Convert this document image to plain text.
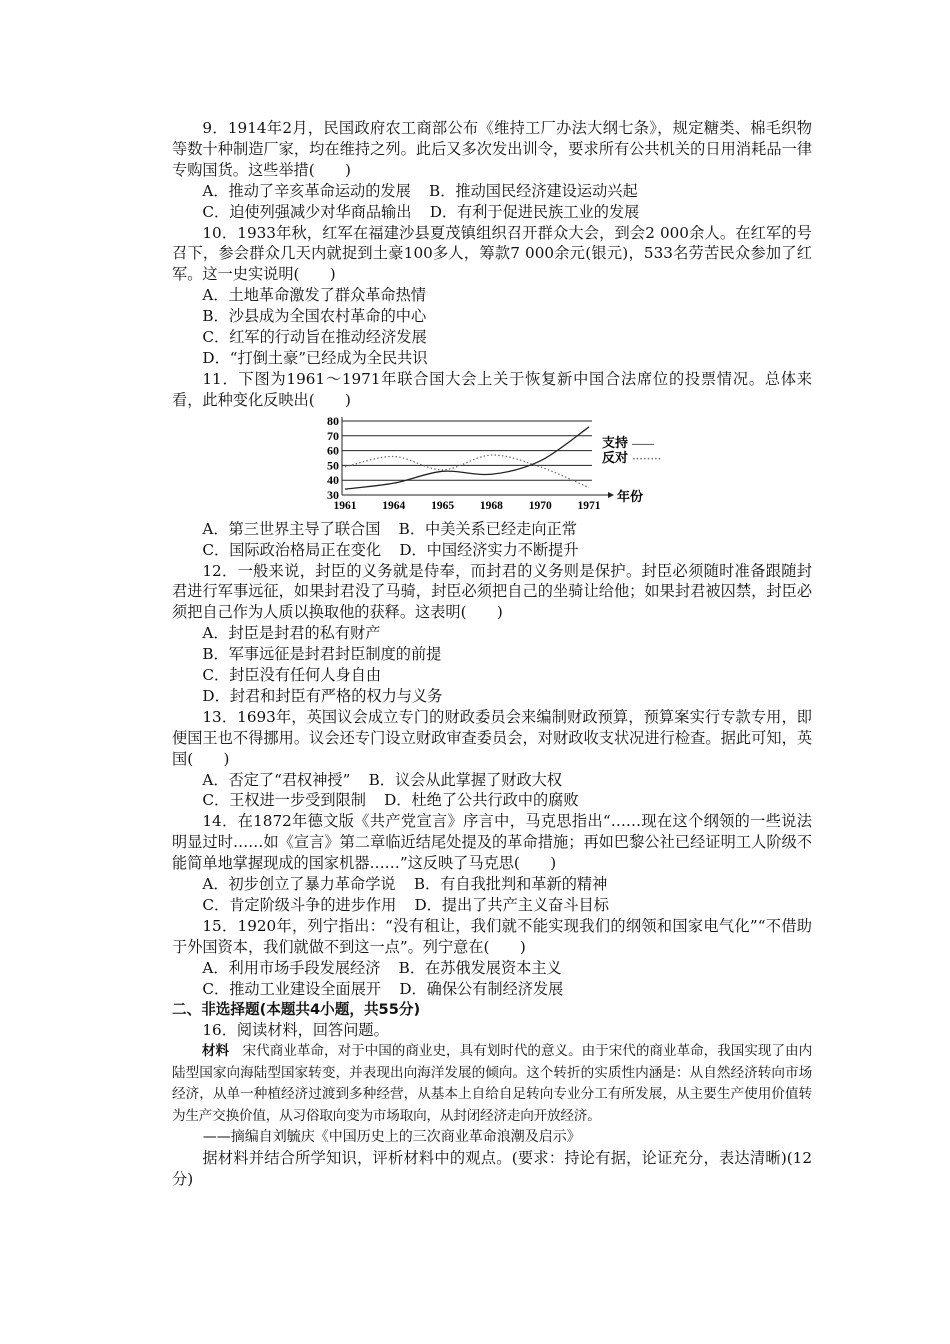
9．1914年2月，民国政府农工商部公布《维持工厂办法大纲七条》，规定糖类、棉毛织物等数十种制造厂家，均在维持之列。此后又多次发出训令，要求所有公共机关的日用消耗品一律专购国货。这些举措(　　)

A．推动了辛亥革命运动的发展 B．推动国民经济建设运动兴起
C．迫使列强减少对华商品输出 D．有利于促进民族工业的发展

10．1933年秋，红军在福建沙县夏茂镇组织召开群众大会，到会2 000余人。在红军的号召下，参会群众几天内就捉到土豪100多人，筹款7 000余元(银元)，533名劳苦民众参加了红军。这一史实说明(　　)

A．土地革命激发了群众革命热情
B．沙县成为全国农村革命的中心
C．红军的行动旨在推动经济发展
D．“打倒土豪”已经成为全民共识

11．下图为1961～1971年联合国大会上关于恢复新中国合法席位的投票情况。总体来看，此种变化反映出(　　)

30
40
50
60
70
80
1961 1964 1965 1968 1970 1971
年份
支持 ——
反对 ········
A．第三世界主导了联合国 B．中美关系已经走向正常
C．国际政治格局正在变化 D．中国经济实力不断提升

12．一般来说，封臣的义务就是侍奉，而封君的义务则是保护。封臣必须随时准备跟随封君进行军事远征，如果封君没了马骑，封臣必须把自己的坐骑让给他；如果封君被囚禁，封臣必须把自己作为人质以换取他的获释。这表明(　　)

A．封臣是封君的私有财产
B．军事远征是封君封臣制度的前提
C．封臣没有任何人身自由
D．封君和封臣有严格的权力与义务

13．1693年，英国议会成立专门的财政委员会来编制财政预算，预算案实行专款专用，即便国王也不得挪用。议会还专门设立财政审查委员会，对财政收支状况进行检查。据此可知，英国(　　)

A．否定了“君权神授” B．议会从此掌握了财政大权
C．王权进一步受到限制 D．杜绝了公共行政中的腐败

14．在1872年德文版《共产党宣言》序言中，马克思指出“……现在这个纲领的一些说法明显过时……如《宣言》第二章临近结尾处提及的革命措施；再如巴黎公社已经证明工人阶级不能简单地掌握现成的国家机器……”这反映了马克思(　　)

A．初步创立了暴力革命学说 B．有自我批判和革新的精神
C．肯定阶级斗争的进步作用 D．提出了共产主义奋斗目标

15．1920年，列宁指出：“没有租让，我们就不能实现我们的纲领和国家电气化”“不借助于外国资本，我们就做不到这一点”。列宁意在(　　)

A．利用市场手段发展经济 B．在苏俄发展资本主义
C．推动工业建设全面展开 D．确保公有制经济发展

二、非选择题(本题共4小题，共55分)

16．阅读材料，回答问题。

材料 宋代商业革命，对于中国的商业史，具有划时代的意义。由于宋代的商业革命，我国实现了由内陆型国家向海陆型国家转变，并表现出向海洋发展的倾向。这个转折的实质性内涵是：从自然经济转向市场经济，从单一种植经济过渡到多种经营，从基本上自给自足转向专业分工有所发展，从主要生产使用价值转为生产交换价值，从习俗取向变为市场取向，从封闭经济走向开放经济。

——摘编自刘毓庆《中国历史上的三次商业革命浪潮及启示》

据材料并结合所学知识，评析材料中的观点。(要求：持论有据，论证充分，表达清晰)(12分)
